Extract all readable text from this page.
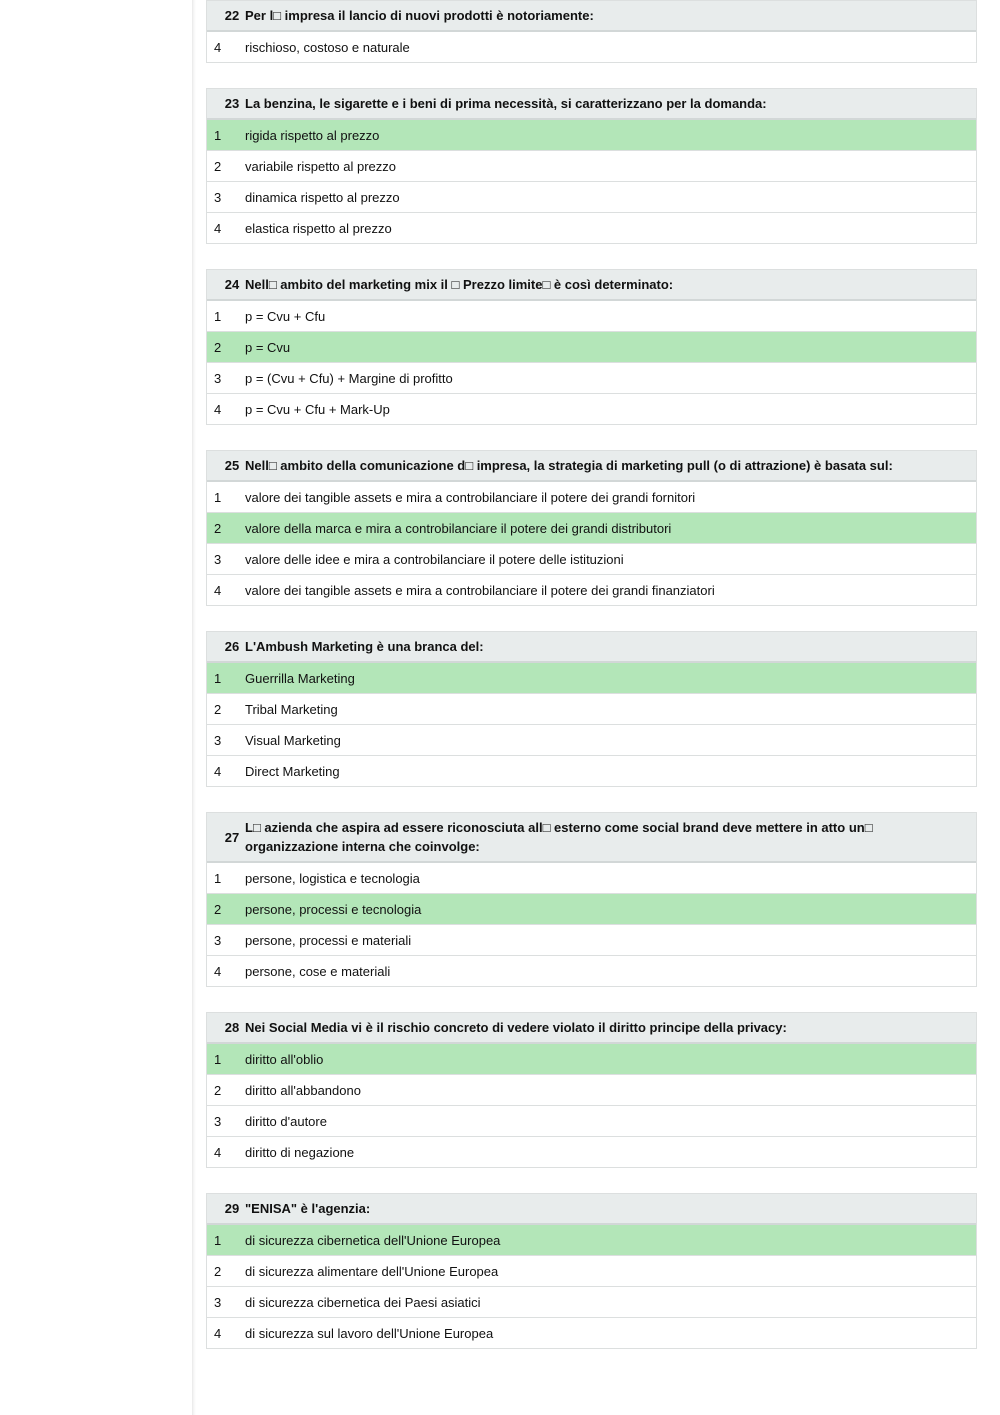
22 Per l□ impresa il lancio di nuovi prodotti è notoriamente:
4	rischioso, costoso e naturale
23 La benzina, le sigarette e i beni di prima necessità, si caratterizzano per la domanda:
1	rigida rispetto al prezzo
2	variabile rispetto al prezzo
3	dinamica rispetto al prezzo
4	elastica rispetto al prezzo
24 Nell□ ambito del marketing mix il □ Prezzo limite□ è così determinato:
1	p = Cvu + Cfu
2	p = Cvu
3	p = (Cvu + Cfu) + Margine di profitto
4	p = Cvu + Cfu + Mark-Up
25 Nell□ ambito della comunicazione d□ impresa, la strategia di marketing pull (o di attrazione) è basata sul:
1	valore dei tangible assets e mira a controbilanciare il potere dei grandi fornitori
2	valore della marca e mira a controbilanciare il potere dei grandi distributori
3	valore delle idee e mira a controbilanciare il potere delle istituzioni
4	valore dei tangible assets e mira a controbilanciare il potere dei grandi finanziatori
26 L'Ambush Marketing è una branca del:
1	Guerrilla Marketing
2	Tribal Marketing
3	Visual Marketing
4	Direct Marketing
27
L□ azienda che aspira ad essere riconosciuta all□ esterno come social brand deve mettere in atto un□
organizzazione interna che coinvolge:
1	persone, logistica e tecnologia
2	persone, processi e tecnologia
3	persone, processi e materiali
4	persone, cose e materiali
28 Nei Social Media vi è il rischio concreto di vedere violato il diritto principe della privacy:
1	diritto all'oblio
2	diritto all'abbandono
3	diritto d'autore
4	diritto di negazione
29 "ENISA" è l'agenzia:
1	di sicurezza cibernetica dell'Unione Europea
2	di sicurezza alimentare dell'Unione Europea
3	di sicurezza cibernetica dei Paesi asiatici
4	di sicurezza sul lavoro dell'Unione Europea
